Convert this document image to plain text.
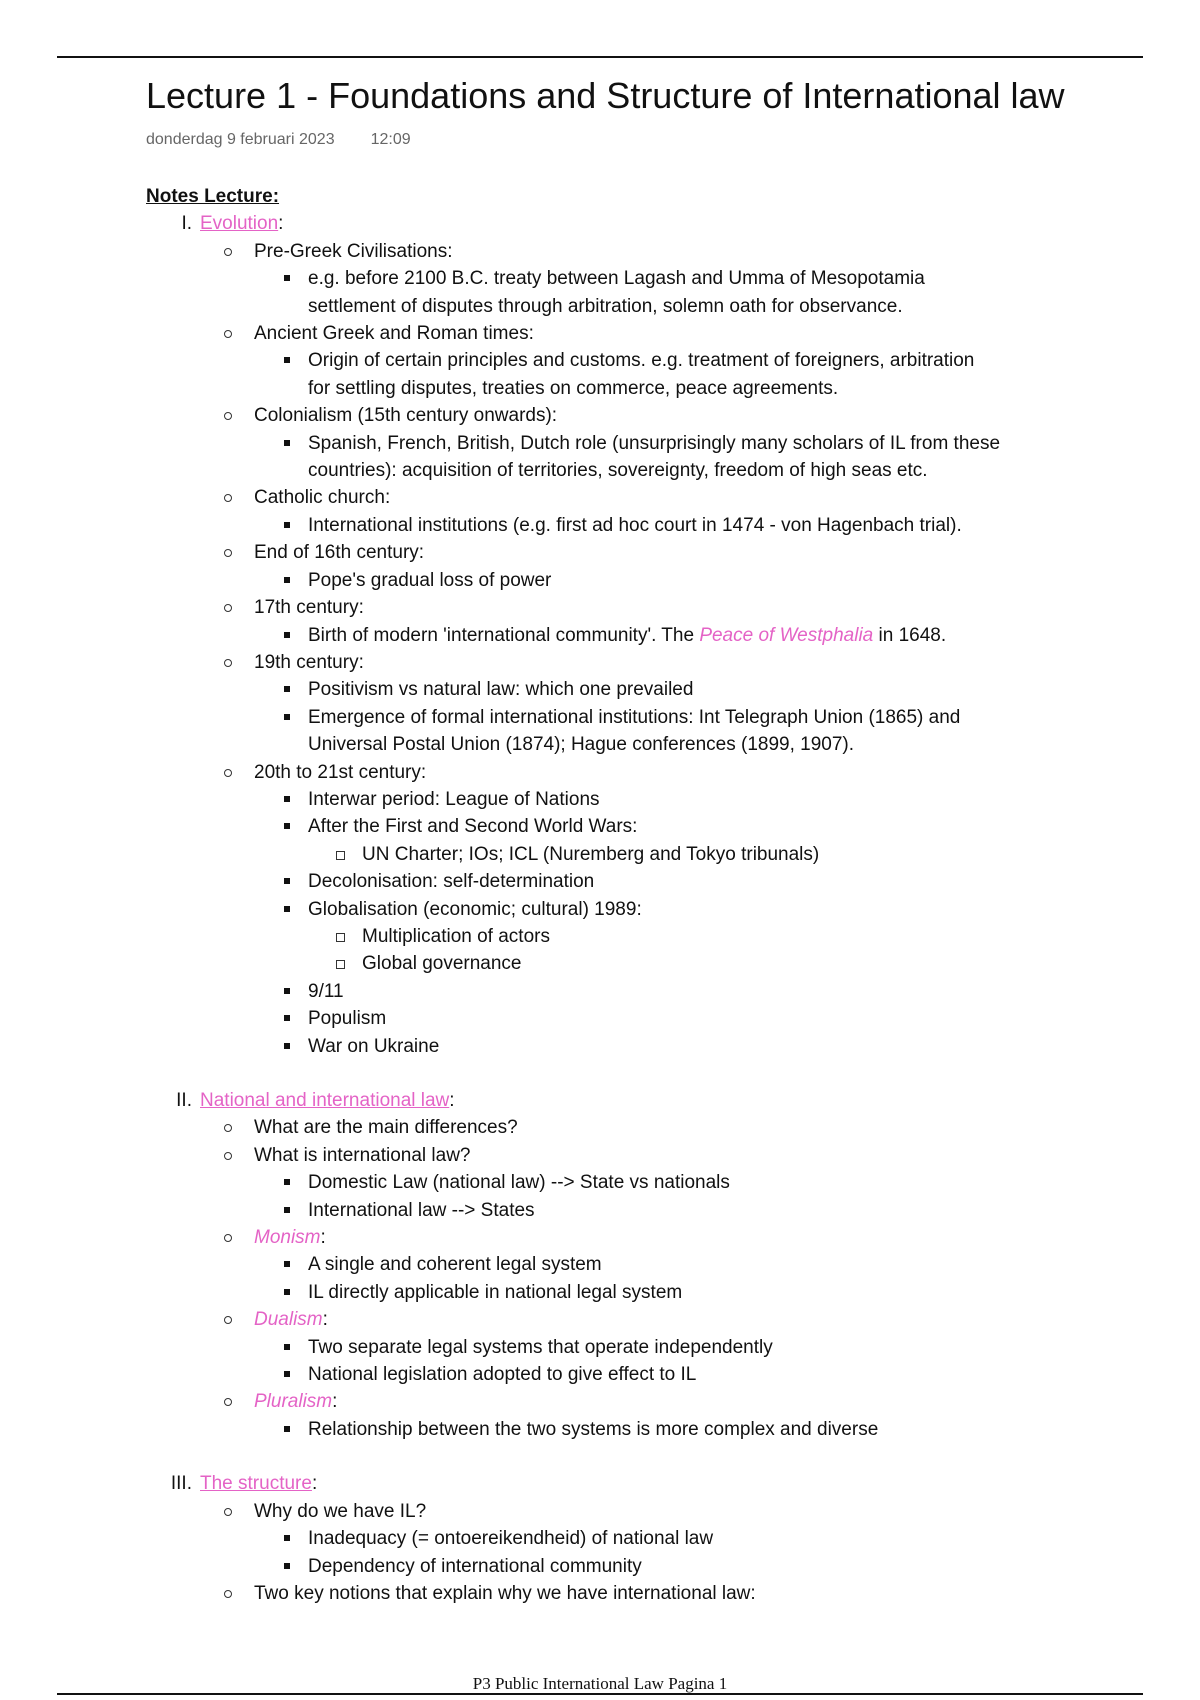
Lecture 1 - Foundations and Structure of International law
donderdag 9 februari 2023 12:09
Notes Lecture:
I. Evolution:
Pre-Greek Civilisations:
e.g. before 2100 B.C. treaty between Lagash and Umma of Mesopotamia
settlement of disputes through arbitration, solemn oath for observance.
Ancient Greek and Roman times:
Origin of certain principles and customs. e.g. treatment of foreigners, arbitration
for settling disputes, treaties on commerce, peace agreements.
Colonialism (15th century onwards):
Spanish, French, British, Dutch role (unsurprisingly many scholars of IL from these
countries): acquisition of territories, sovereignty, freedom of high seas etc.
Catholic church:
International institutions (e.g. first ad hoc court in 1474 - von Hagenbach trial).
End of 16th century:
Pope's gradual loss of power
17th century:
Birth of modern 'international community'. The Peace of Westphalia in 1648.
19th century:
Positivism vs natural law: which one prevailed
Emergence of formal international institutions: Int Telegraph Union (1865) and
Universal Postal Union (1874); Hague conferences (1899, 1907).
20th to 21st century:
Interwar period: League of Nations
After the First and Second World Wars:
UN Charter; IOs; ICL (Nuremberg and Tokyo tribunals)
Decolonisation: self-determination
Globalisation (economic; cultural) 1989:
Multiplication of actors
Global governance
9/11
Populism
War on Ukraine
II. National and international law:
What are the main differences?
What is international law?
Domestic Law (national law) --> State vs nationals
International law --> States
Monism:
A single and coherent legal system
IL directly applicable in national legal system
Dualism:
Two separate legal systems that operate independently
National legislation adopted to give effect to IL
Pluralism:
Relationship between the two systems is more complex and diverse
III. The structure:
Why do we have IL?
Inadequacy (= ontoereikendheid) of national law
Dependency of international community
Two key notions that explain why we have international law:
P3 Public International Law Pagina 1
